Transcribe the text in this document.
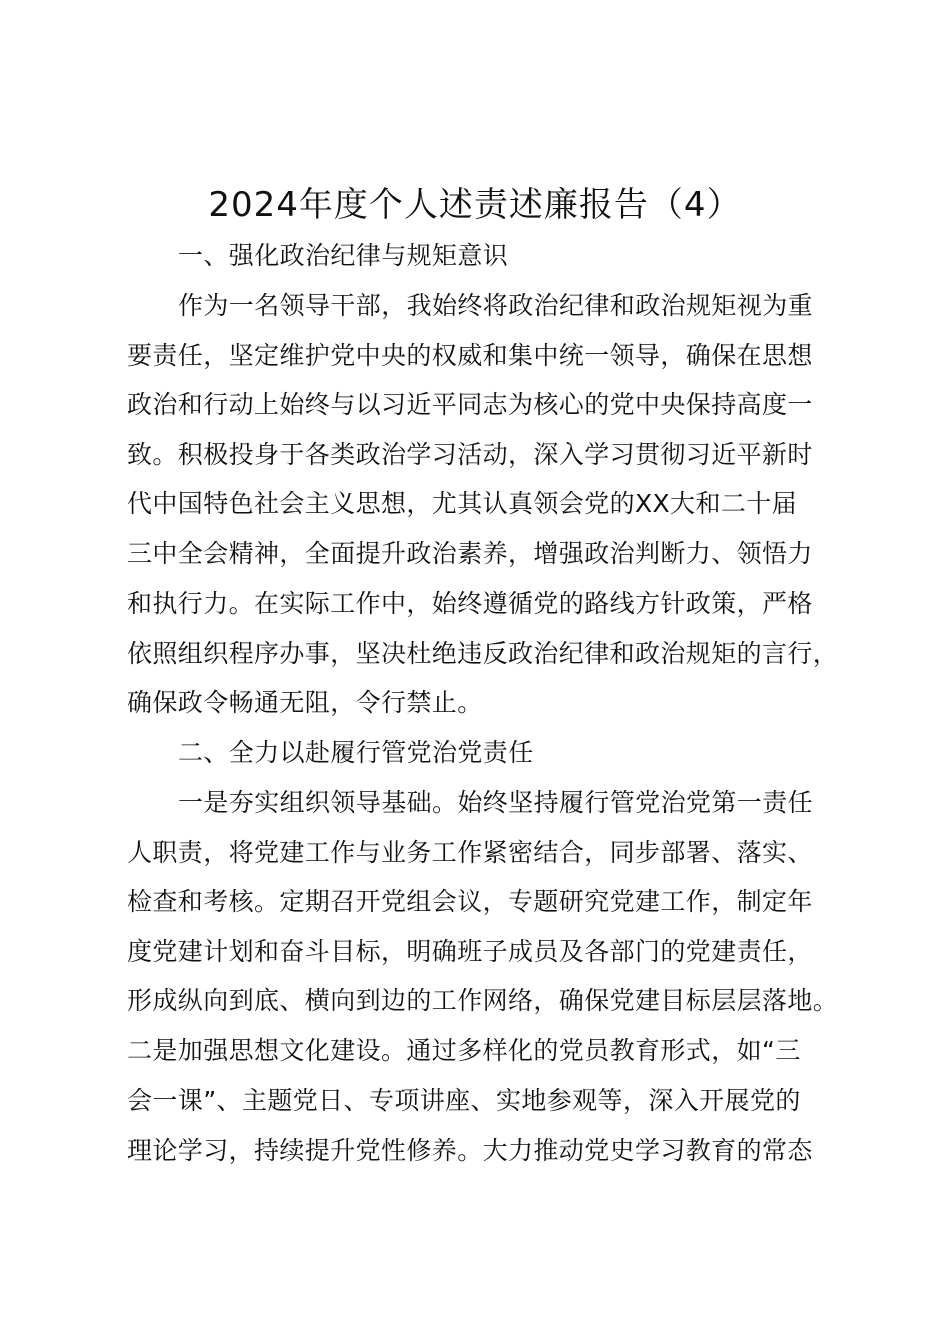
2024年度个人述责述廉报告（4）
一、强化政治纪律与规矩意识
作为一名领导干部，我始终将政治纪律和政治规矩视为重
要责任，坚定维护党中央的权威和集中统一领导，确保在思想
政治和行动上始终与以习近平同志为核心的党中央保持高度一
致。积极投身于各类政治学习活动，深入学习贯彻习近平新时
代中国特色社会主义思想，尤其认真领会党的XX大和二十届
三中全会精神，全面提升政治素养，增强政治判断力、领悟力
和执行力。在实际工作中，始终遵循党的路线方针政策，严格
依照组织程序办事，坚决杜绝违反政治纪律和政治规矩的言行，
确保政令畅通无阻，令行禁止。
二、全力以赴履行管党治党责任
一是夯实组织领导基础。始终坚持履行管党治党第一责任
人职责，将党建工作与业务工作紧密结合，同步部署、落实、
检查和考核。定期召开党组会议，专题研究党建工作，制定年
度党建计划和奋斗目标，明确班子成员及各部门的党建责任，
形成纵向到底、横向到边的工作网络，确保党建目标层层落地。
二是加强思想文化建设。通过多样化的党员教育形式，如“三
会一课”、主题党日、专项讲座、实地参观等，深入开展党的
理论学习，持续提升党性修养。大力推动党史学习教育的常态
